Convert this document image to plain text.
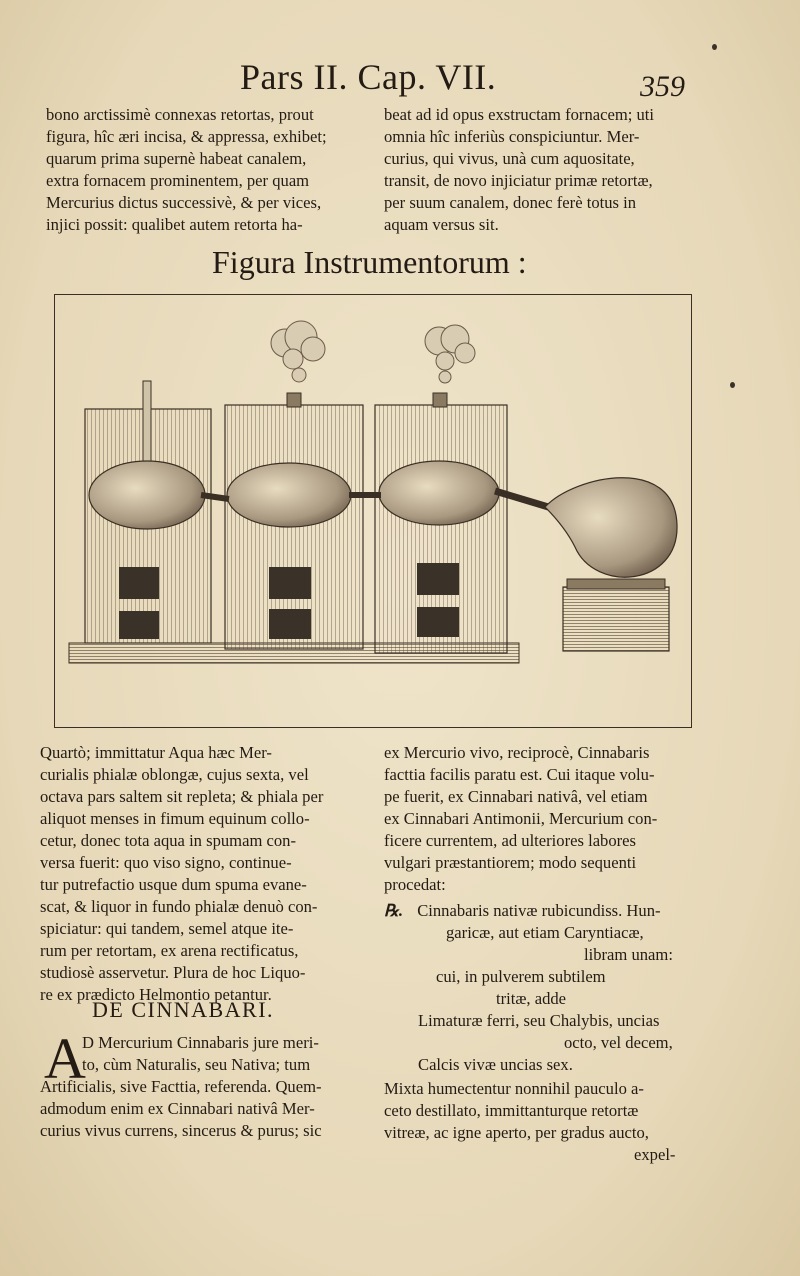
Pars II. Cap. VII.	359
bono arctissimè connexas retortas, prout
figura, hîc æri incisa, & appressa, exhibet;
quarum prima supernè habeat canalem,
extra fornacem prominentem, per quam
Mercurius dictus successivè, & per vices,
injici possit: qualibet autem retorta ha-
beat ad id opus exstructam fornacem; uti
omnia hîc inferiùs conspiciuntur. Mer-
curius, qui vivus, unà cum aquositate,
transit, de novo injiciatur primæ retortæ,
per suum canalem, donec ferè totus in
aquam versus sit.
Figura Instrumentorum :
Quartò; immittatur Aqua hæc Mer-
curialis phialæ oblongæ, cujus sexta, vel
octava pars saltem sit repleta; & phiala per
aliquot menses in fimum equinum collo-
cetur, donec tota aqua in spumam con-
versa fuerit: quo viso signo, continue-
tur putrefactio usque dum spuma evane-
scat, & liquor in fundo phialæ denuò con-
spiciatur: qui tandem, semel atque ite-
rum per retortam, ex arena rectificatus,
studiosè asservetur. Plura de hoc Liquo-
re ex prædicto Helmontio petantur.
DE CINNABARI.
A
D Mercurium Cinnabaris jure meri-
to, cùm Naturalis, seu Nativa; tum
Artificialis, sive Facttia, referenda. Quem-
admodum enim ex Cinnabari nativâ Mer-
curius vivus currens, sincerus & purus; sic
ex Mercurio vivo, reciprocè, Cinnabaris
facttia facilis paratu est. Cui itaque volu-
pe fuerit, ex Cinnabari nativâ, vel etiam
ex Cinnabari Antimonii, Mercurium con-
ficere currentem, ad ulteriores labores
vulgari præstantiorem; modo sequenti
procedat:
℞. Cinnabaris nativæ rubicundiss. Hun-
garicæ, aut etiam Caryntiacæ,
libram unam:
cui, in pulverem subtilem
tritæ, adde
Limaturæ ferri, seu Chalybis, uncias
octo, vel decem,
Calcis vivæ uncias sex.
Mixta humectentur nonnihil pauculo a-
ceto destillato, immittanturque retortæ
vitreæ, ac igne aperto, per gradus aucto,
expel-
